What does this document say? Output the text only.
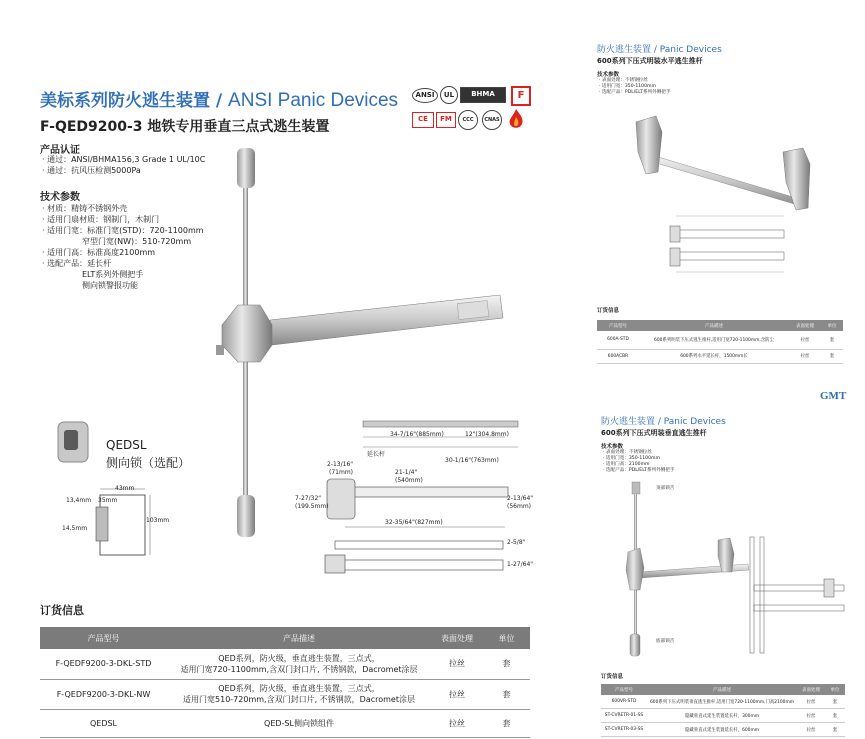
美标系列防火逃生装置 / ANSI Panic Devices	ANSI	UL	BHMA	F
CE	FM	CCC	CNAS
F-QED9200-3 地铁专用垂直三点式逃生装置
产品认证
· 通过：ANSI/BHMA156,3 Grade 1 UL/10C
· 通过：抗风压检测5000Pa
技术参数
· 材质：精铸不锈钢外壳
· 适用门扇材质：钢制门，木制门
· 适用门宽：标准门宽(STD)：720-1100mm
　　　　　窄型门宽(NW)：510-720mm
· 适用门高：标准高度2100mm
· 选配产品：延长杆
　　　　　ELT系列外侧把手
　　　　　侧向锁警报功能
QEDSL
侧向锁（选配）
43mm
13,4mm 35mm
14,5mm
103mm
34-7/16"(885mm)	12"(304.8mm)
30-1/16"(763mm)
延长杆
2-13/16"
(71mm)	21-1/4"
(540mm)
7-27/32"
(199.5mm)
2-13/64"
(56mm)
32-35/64"(827mm)
2-5/8"
1-27/64"
订货信息
产品型号	产品描述	表面处理	单位
F-QEDF9200-3-DKL-STD	QED系列，防火级，垂直逃生装置，三点式，
适用门宽720-1100mm,含双门封口片, 不锈钢款，Dacromet涂层	拉丝	套
F-QEDF9200-3-DKL-NW	QED系列，防火级，垂直逃生装置，三点式，
适用门宽510-720mm,含双门封口片, 不锈钢款，Dacromet涂层	拉丝	套
QEDSL	QED-SL侧向锁组件	拉丝	套
防火逃生装置 / Panic Devices
600系列下压式明装水平逃生推杆
技术参数
· 表面处理：不锈钢拉丝
· 适用门宽：350-1100mm
· 选配产品：PDL/ELT系列外侧把手
订货信息
产品型号	产品描述	表面处理	单位
600A-STD	600系列明装下压式逃生推杆,适用门宽720-1100mm,含防尘	拉丝	套
600ACBR	600系列水平延长杆，1500mm长	拉丝	套
GMT
防火逃生装置 / Panic Devices
600系列下压式明装垂直逃生推杆
技术参数
· 表面处理：不锈钢拉丝
· 适用门宽：350-1100mm
· 适用门高：2100mm
· 选配产品：PDL/ELT系列外侧把手
顶部锁舌
底部锁舌
订货信息
产品型号	产品描述	表面处理	单位
600VR-STD	600系列下压式明装垂直逃生推杆,适用门宽720-1100mm,门高2100mm	拉丝	套
ST-CVRETR-01-SS	隐藏垂直式延生装置延长杆，300mm	拉丝	套
ST-CVRETR-03-SS	隐藏垂直式延生装置延长杆，600mm	拉丝	套
